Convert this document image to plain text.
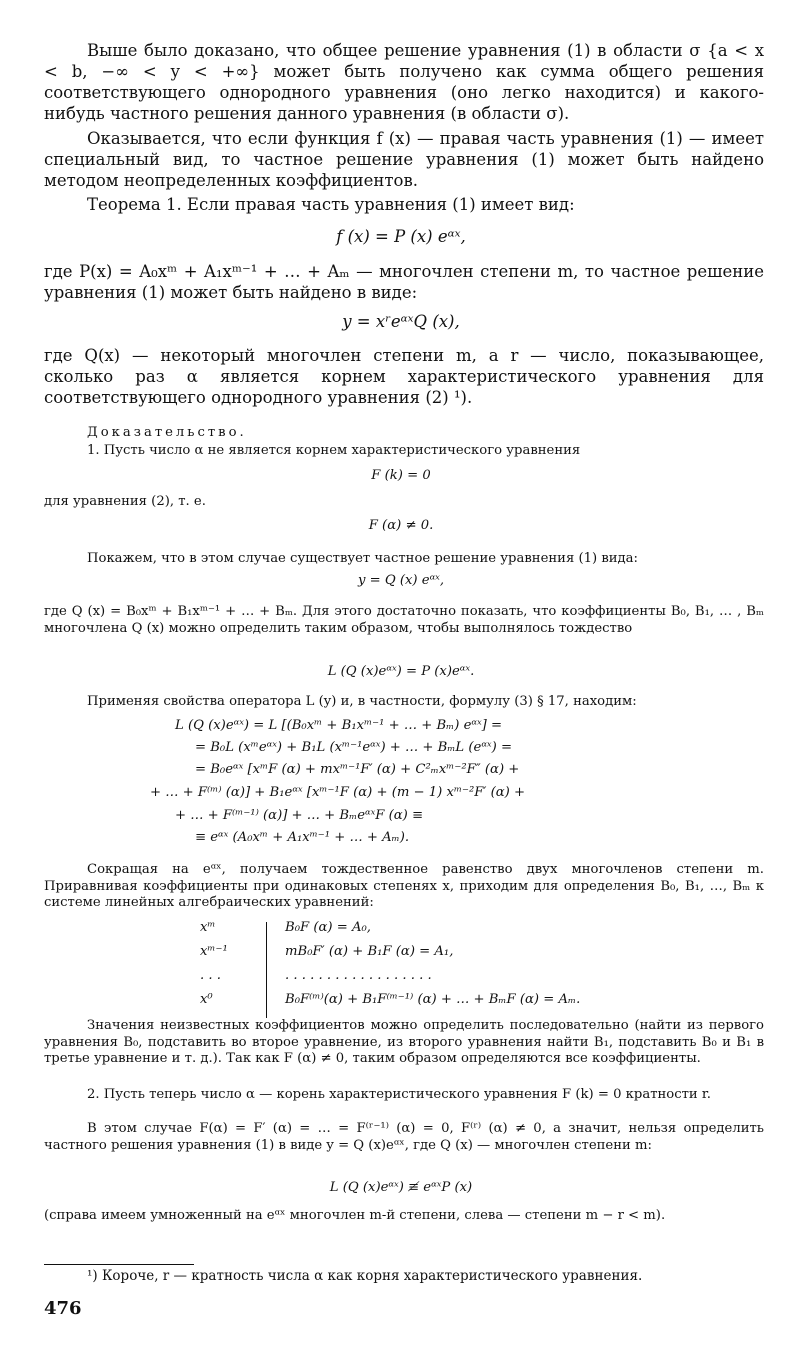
Выше было доказано, что общее решение уравнения (1) в области σ {a < x < b, −∞ < y < +∞} может быть получено как сумма общего решения соответствующего однородного уравнения (оно легко находится) и какого-нибудь частного решения данного уравнения (в области σ).

Оказывается, что если функция f (x) — правая часть уравнения (1) — имеет специальный вид, то частное решение уравнения (1) может быть найдено методом неопределенных коэффициентов.

Теорема 1. Если правая часть уравнения (1) имеет вид:

f (x) = P (x) eᵅˣ,

где P(x) = A₀xᵐ + A₁xᵐ⁻¹ + … + Aₘ — многочлен степени m, то частное решение уравнения (1) может быть найдено в виде:

y = xʳeᵅˣQ (x),

где Q(x) — некоторый многочлен степени m, а r — число, показывающее, сколько раз α является корнем характеристического уравнения для соответствующего однородного уравнения (2) ¹).

Доказательство.

1. Пусть число α не является корнем характеристического уравнения

F (k) = 0

для уравнения (2), т. е.

F (α) ≠ 0.

Покажем, что в этом случае существует частное решение уравнения (1) вида:

y = Q (x) eᵅˣ,

где Q (x) = B₀xᵐ + B₁xᵐ⁻¹ + … + Bₘ. Для этого достаточно показать, что коэффициенты B₀, B₁, … , Bₘ многочлена Q (x) можно определить таким образом, чтобы выполнялось тождество

L (Q (x)eᵅˣ) = P (x)eᵅˣ.

Применяя свойства оператора L (y) и, в частности, формулу (3) § 17, находим:

L (Q (x)eᵅˣ) = L [(B₀xᵐ + B₁xᵐ⁻¹ + … + Bₘ) eᵅˣ] =
= B₀L (xᵐeᵅˣ) + B₁L (xᵐ⁻¹eᵅˣ) + … + BₘL (eᵅˣ) =
= B₀eᵅˣ [xᵐF (α) + mxᵐ⁻¹F′ (α) + C²ₘxᵐ⁻²F″ (α) +
+ … + F⁽ᵐ⁾ (α)] + B₁eᵅˣ [xᵐ⁻¹F (α) + (m − 1) xᵐ⁻²F′ (α) +
+ … + F⁽ᵐ⁻¹⁾ (α)] + … + BₘeᵅˣF (α) ≡
≡ eᵅˣ (A₀xᵐ + A₁xᵐ⁻¹ + … + Aₘ).

Сокращая на eᵅˣ, получаем тождественное равенство двух многочленов степени m. Приравнивая коэффициенты при одинаковых степенях x, приходим для определения B₀, B₁, …, Bₘ к системе линейных алгебраических уравнений:

xᵐ	B₀F (α) = A₀,
xᵐ⁻¹	mB₀F′ (α) + B₁F (α) = A₁,
. . .	. . . . . . . . . . . . . . . . . .
x⁰	B₀F⁽ᵐ⁾(α) + B₁F⁽ᵐ⁻¹⁾ (α) + … + BₘF (α) = Aₘ.

Значения неизвестных коэффициентов можно определить последовательно (найти из первого уравнения B₀, подставить во второе уравнение, из второго уравнения найти B₁, подставить B₀ и B₁ в третье уравнение и т. д.). Так как F (α) ≠ 0, таким образом определяются все коэффициенты.

2. Пусть теперь число α — корень характеристического уравнения F (k) = 0 кратности r.

В этом случае F(α) = F′ (α) = … = F⁽ʳ⁻¹⁾ (α) = 0, F⁽ʳ⁾ (α) ≠ 0, а значит, нельзя определить частного решения уравнения (1) в виде y = Q (x)eᵅˣ, где Q (x) — многочлен степени m:

L (Q (x)eᵅˣ) ≢ eᵅˣP (x)

(справа имеем умноженный на eᵅˣ многочлен m-й степени, слева — степени m − r < m).

¹) Короче, r — кратность числа α как корня характеристического уравнения.

476
